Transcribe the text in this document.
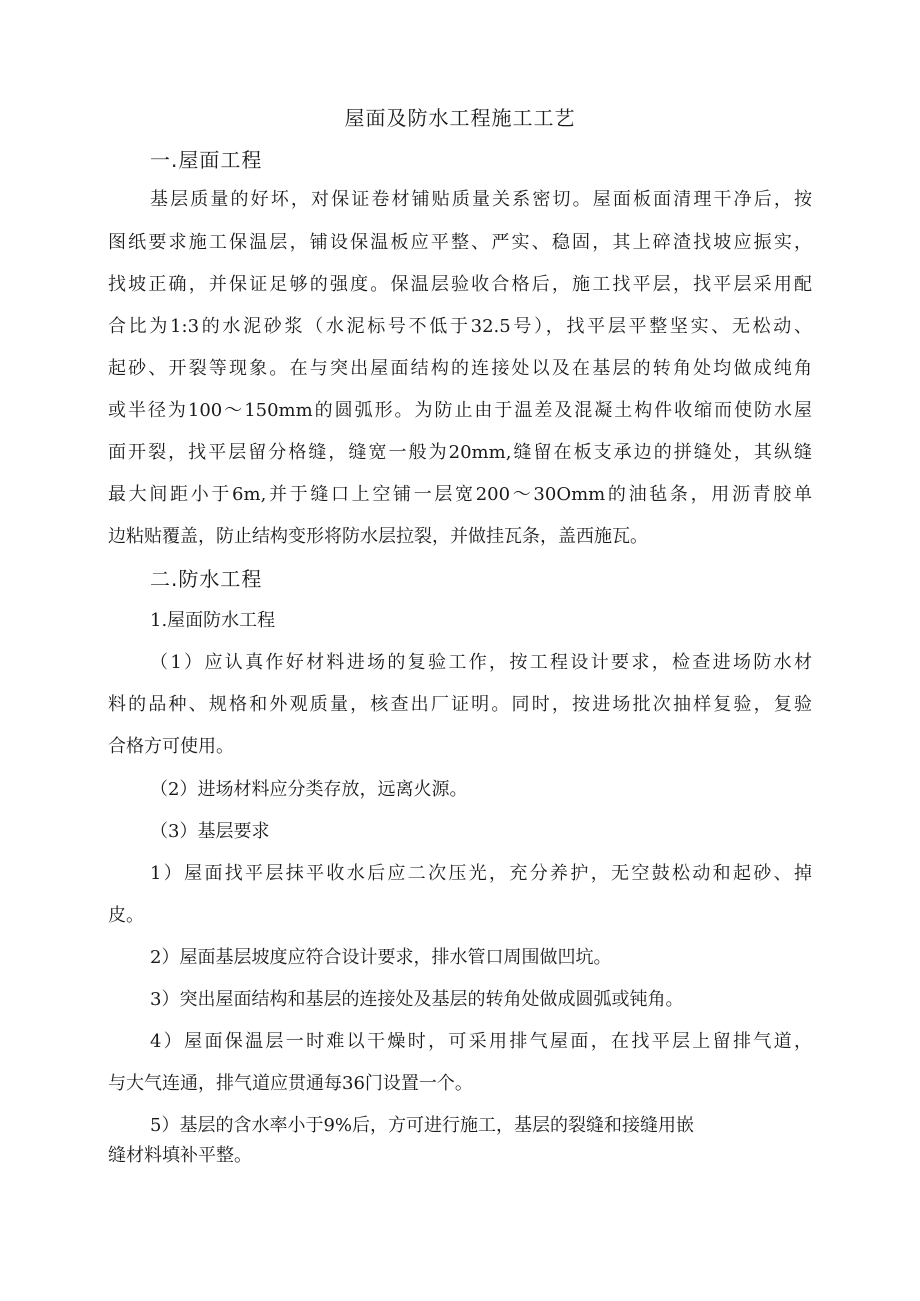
屋面及防水工程施工工艺
一.屋面工程
基层质量的好坏，对保证卷材铺贴质量关系密切。屋面板面清理干净后，按
图纸要求施工保温层，铺设保温板应平整、严实、稳固，其上碎渣找坡应振实，
找坡正确，并保证足够的强度。保温层验收合格后，施工找平层，找平层采用配
合比为1:3的水泥砂浆（水泥标号不低于32.5号），找平层平整坚实、无松动、
起砂、开裂等现象。在与突出屋面结构的连接处以及在基层的转角处均做成纯角
或半径为100～150mm的圆弧形。为防止由于温差及混凝土构件收缩而使防水屋
面开裂，找平层留分格缝，缝宽一般为20mm,缝留在板支承边的拼缝处，其纵缝
最大间距小于6m,并于缝口上空铺一层宽200～30Omm的油毡条，用沥青胶单
边粘贴覆盖，防止结构变形将防水层拉裂，并做挂瓦条，盖西施瓦。
二.防水工程
1.屋面防水工程
（1）应认真作好材料进场的复验工作，按工程设计要求，检查进场防水材
料的品种、规格和外观质量，核查出厂证明。同时，按进场批次抽样复验，复验
合格方可使用。
（2）进场材料应分类存放，远离火源。
（3）基层要求
1）屋面找平层抹平收水后应二次压光，充分养护，无空鼓松动和起砂、掉
皮。
2）屋面基层坡度应符合设计要求，排水管口周围做凹坑。
3）突出屋面结构和基层的连接处及基层的转角处做成圆弧或钝角。
4）屋面保温层一时难以干燥时，可采用排气屋面，在找平层上留排气道，
与大气连通，排气道应贯通每36门设置一个。
5）基层的含水率小于9%后，方可进行施工，基层的裂缝和接缝用嵌
缝材料填补平整。
